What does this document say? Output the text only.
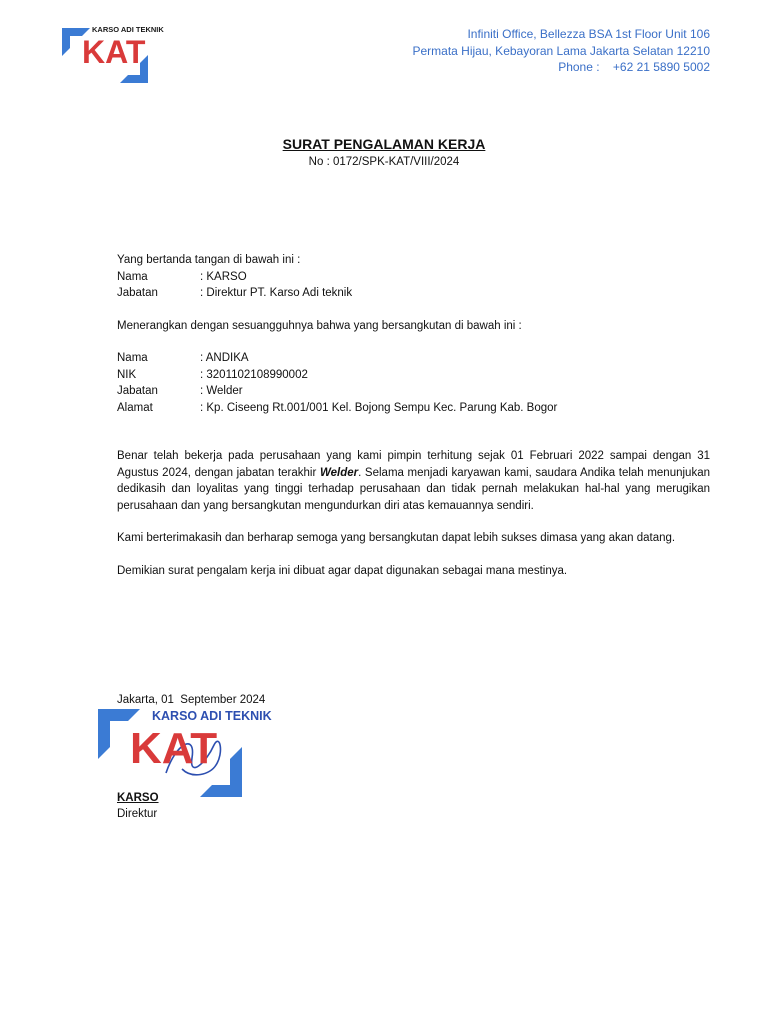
KARSO ADI TEKNIK
KAT	Infiniti Office, Bellezza BSA 1st Floor Unit 106
Permata Hijau, Kebayoran Lama Jakarta Selatan 12210
Phone :    +62 21 5890 5002
SURAT PENGALAMAN KERJA
No : 0172/SPK-KAT/VIII/2024
Yang bertanda tangan di bawah ini :
Nama	: KARSO
Jabatan	: Direktur PT. Karso Adi teknik
Menerangkan dengan sesuangguhnya bahwa yang bersangkutan di bawah ini :
Nama	: ANDIKA
NIK	: 3201102108990002
Jabatan	: Welder
Alamat	: Kp. Ciseeng Rt.001/001 Kel. Bojong Sempu Kec. Parung Kab. Bogor
Benar telah bekerja pada perusahaan yang kami pimpin terhitung sejak 01 Februari 2022 sampai dengan 31 Agustus 2024, dengan jabatan terakhir Welder. Selama menjadi karyawan kami, saudara Andika telah menunjukan dedikasih dan loyalitas yang tinggi terhadap perusahaan dan tidak pernah melakukan hal-hal yang merugikan perusahaan dan yang bersangkutan mengundurkan diri atas kemauannya sendiri.
Kami berterimakasih dan berharap semoga yang bersangkutan dapat lebih sukses dimasa yang akan datang.
Demikian surat pengalam kerja ini dibuat agar dapat digunakan sebagai mana mestinya.
KARSO ADI TEKNIK
KAT
Jakarta, 01  September 2024
KARSO
Direktur
